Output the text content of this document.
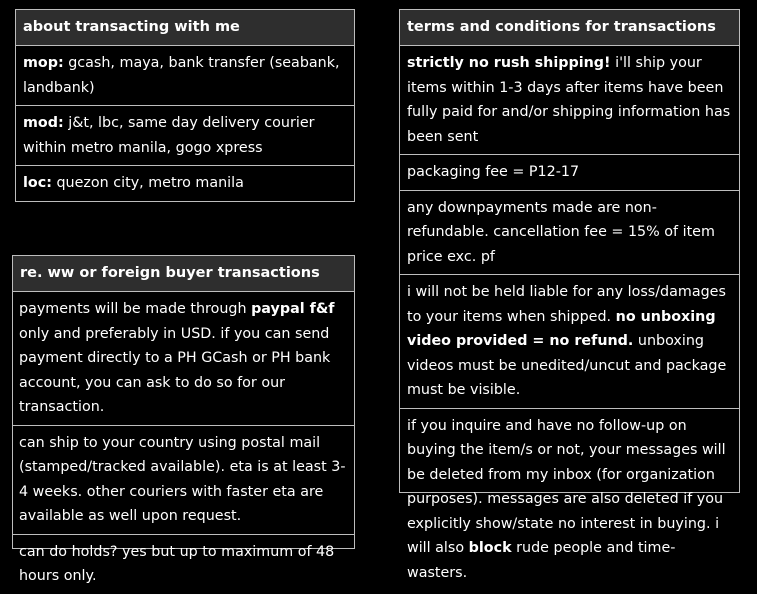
about transacting with me
mop: gcash, maya, bank transfer (seabank, landbank)
mod: j&t, lbc, same day delivery courier within metro manila, gogo xpress
loc: quezon city, metro manila
re. ww or foreign buyer transactions
payments will be made through paypal f&f only and preferably in USD. if you can send payment directly to a PH GCash or PH bank account, you can ask to do so for our transaction.
can ship to your country using postal mail (stamped/tracked available). eta is at least 3-4 weeks. other couriers with faster eta are available as well upon request.
can do holds? yes but up to maximum of 48 hours only.
terms and conditions for transactions
strictly no rush shipping! i'll ship your items within 1-3 days after items have been fully paid for and/or shipping information has been sent
packaging fee = P12-17
any downpayments made are non-refundable. cancellation fee = 15% of item price exc. pf
i will not be held liable for any loss/damages to your items when shipped. no unboxing video provided = no refund. unboxing videos must be unedited/uncut and package must be visible.
if you inquire and have no follow-up on buying the item/s or not, your messages will be deleted from my inbox (for organization purposes). messages are also deleted if you explicitly show/state no interest in buying. i will also block rude people and time-wasters.
